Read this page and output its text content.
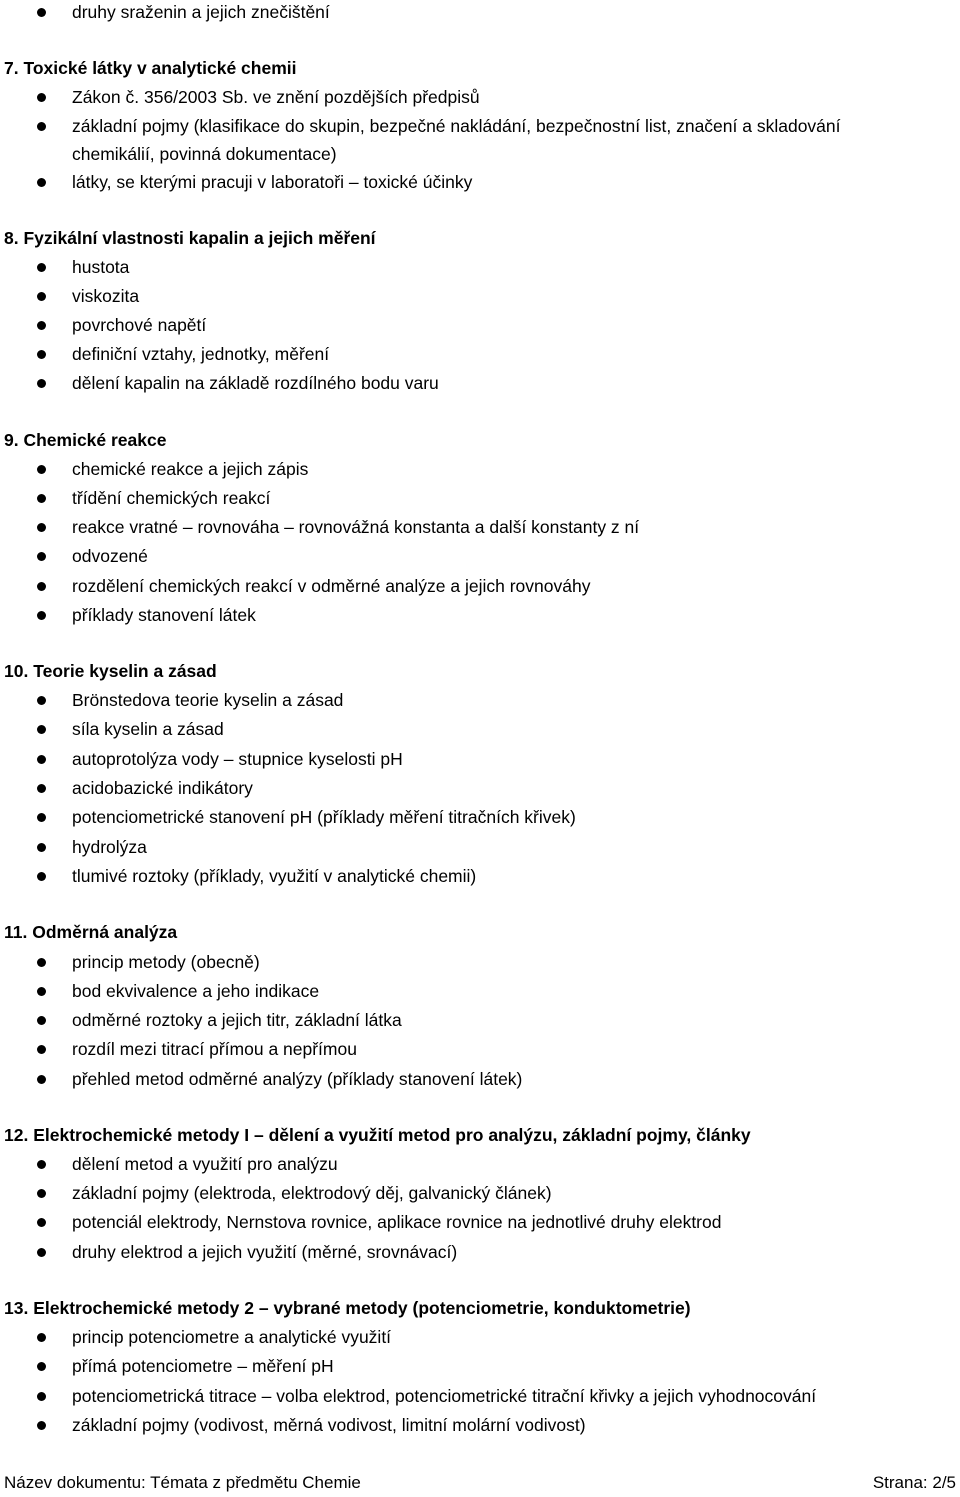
druhy sraženin a jejich znečištění
7. Toxické látky v analytické chemii
Zákon č. 356/2003 Sb. ve znění pozdějších předpisů
základní pojmy (klasifikace do skupin, bezpečné nakládání, bezpečnostní list, značení a skladování
chemikálií, povinná dokumentace)
látky, se kterými pracuji v laboratoři – toxické účinky
8. Fyzikální vlastnosti kapalin a jejich měření
hustota
viskozita
povrchové napětí
definiční vztahy, jednotky, měření
dělení kapalin na základě rozdílného bodu varu
9. Chemické reakce
chemické reakce a jejich zápis
třídění chemických reakcí
reakce vratné – rovnováha – rovnovážná konstanta a další konstanty z ní
odvozené
rozdělení chemických reakcí v odměrné analýze a jejich rovnováhy
příklady stanovení látek
10. Teorie kyselin a zásad
Brönstedova teorie kyselin a zásad
síla kyselin a zásad
autoprotolýza vody – stupnice kyselosti pH
acidobazické indikátory
potenciometrické stanovení pH (příklady měření titračních křivek)
hydrolýza
tlumivé roztoky (příklady, využití v analytické chemii)
11. Odměrná analýza
princip metody (obecně)
bod ekvivalence a jeho indikace
odměrné roztoky a jejich titr, základní látka
rozdíl mezi titrací přímou a nepřímou
přehled metod odměrné analýzy (příklady stanovení látek)
12. Elektrochemické metody I – dělení a využití metod pro analýzu, základní pojmy, články
dělení metod a využití pro analýzu
základní pojmy (elektroda, elektrodový děj, galvanický článek)
potenciál elektrody, Nernstova rovnice, aplikace rovnice na jednotlivé druhy elektrod
druhy elektrod a jejich využití (měrné, srovnávací)
13. Elektrochemické metody 2 – vybrané metody (potenciometrie, konduktometrie)
princip potenciometre a analytické využití
přímá potenciometre – měření pH
potenciometrická titrace – volba elektrod, potenciometrické titrační křivky a jejich vyhodnocování
základní pojmy (vodivost, měrná vodivost, limitní molární vodivost)
Název dokumentu: Témata z předmětu Chemie	Strana: 2/5
